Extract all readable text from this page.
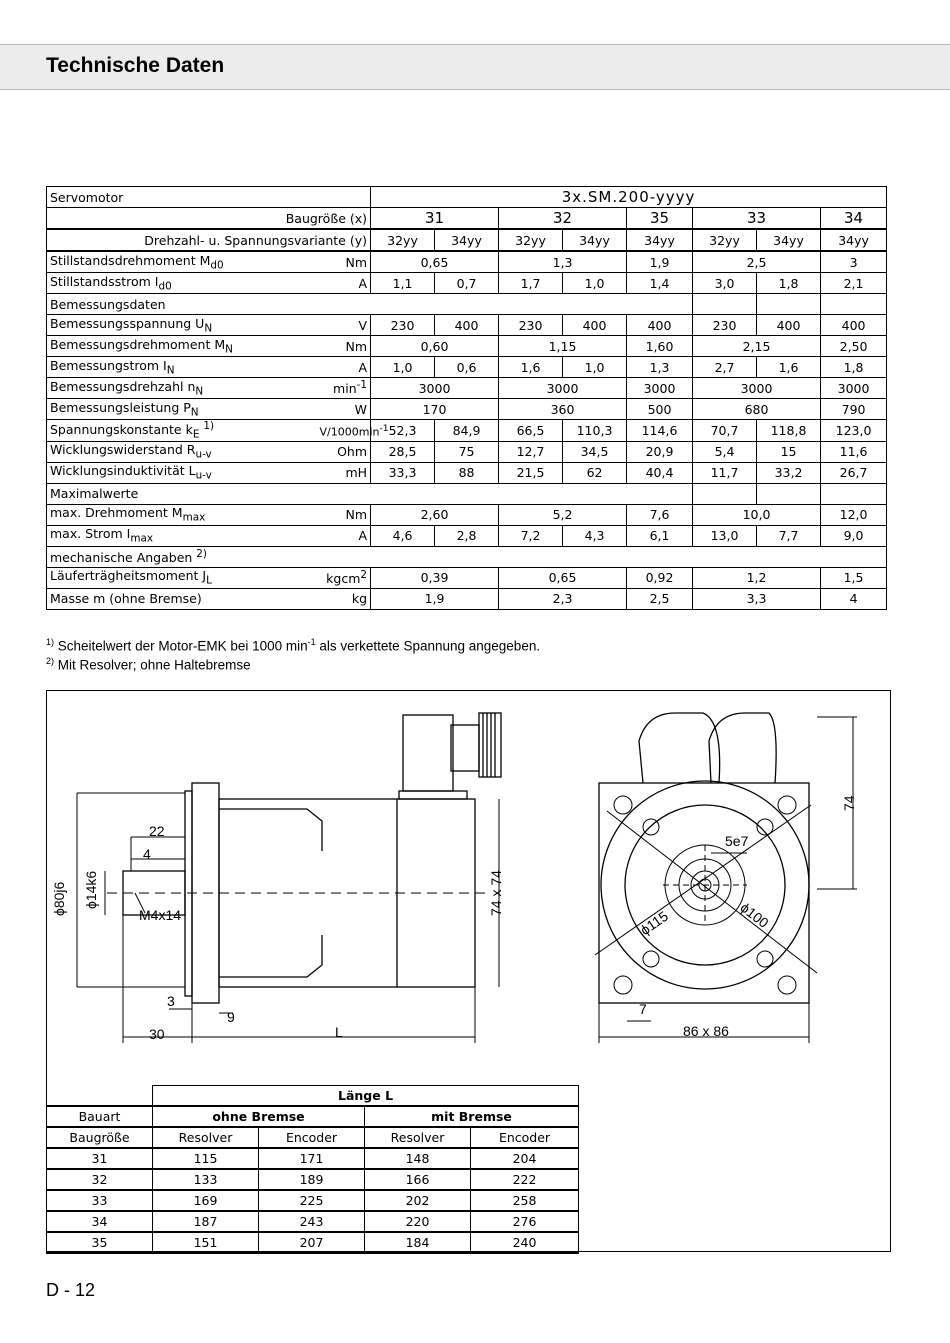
Technische Daten
Servomotor		3x.SM.200-yyyy							
Baugröße (x)		31		32		35	33		34
Drehzahl- u. Spannungsvariante (y)		32yy	34yy	32yy	34yy	34yy	32yy	34yy	34yy
Stillstandsdrehmoment $M_{d0}$	Nm	0,65		1,3		1,9	2,5		3
Stillstandsstrom $I_{d0}$	A	1,1	0,7	1,7	1,0	1,4	3,0	1,8	2,1
Bemessungsdaten									
Bemessungsspannung $U_N$	V	230	400	230	400	400	230	400	400
Bemessungsdrehmoment $M_N$	Nm	0,60		1,15		1,60	2,15		2,50
Bemessungstrom $I_N$	A	1,0	0,6	1,6	1,0	1,3	2,7	1,6	1,8
Bemessungsdrehzahl $n_N$	$\min^{-1}$	3000		3000		3000	3000		3000
Bemessungsleistung $P_N$	W	170		360		500	680		790
Spannungskonstante $k_E$ $^{1)}$	$V/1000\min^{-1}$	52,3	84,9	66,5	110,3	114,6	70,7	118,8	123,0
Wicklungswiderstand $R_{u-v}$	Ohm	28,5	75	12,7	34,5	20,9	5,4	15	11,6
Wicklungsinduktivität $L_{u-v}$	mH	33,3	88	21,5	62	40,4	11,7	33,2	26,7
Maximalwerte									
max. Drehmoment $M_{max}$	Nm	2,60		5,2		7,6	10,0		12,0
max. Strom $I_{max}$	A	4,6	2,8	7,2	4,3	6,1	13,0	7,7	9,0
mechanische Angaben $^{2)}$
Läuferträgheitsmoment $J_L$	kgcm$^2$	0,39		0,65		0,92	1,2		1,5
Masse m (ohne Bremse)	kg	1,9		2,3		2,5	3,3		4
$^{1)}$ Scheitelwert der Motor-EMK bei 1000 $\min^{-1}$ als verkettete Spannung angegeben.
$^{2)}$ Mit Resolver; ohne Haltebremse
22
4
ϕ80j6 ϕ14k6
M4x14	74 x 74
3
9
30	L
74
5e7
ϕ115	ϕ100
7
86 x 86
	Länge L			
Bauart	ohne Bremse		mit Bremse	
Baugröße	Resolver	Encoder	Resolver	Encoder
31	115	171	148	204
32	133	189	166	222
33	169	225	202	258
34	187	243	220	276
35	151	207	184	240
D - 12
